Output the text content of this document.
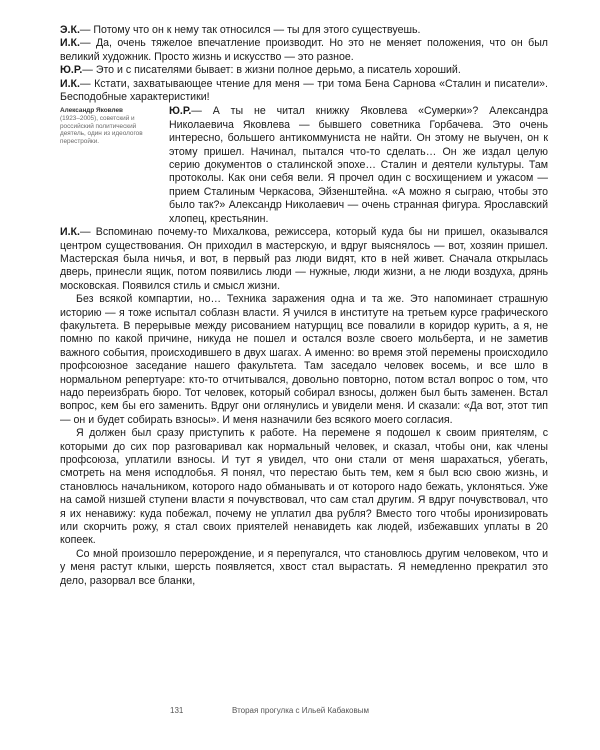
Э.К.— Потому что он к нему так относился — ты для этого существуешь.

И.К.— Да, очень тяжелое впечатление производит. Но это не меняет положения, что он был великий художник. Просто жизнь и искусство — это разное.

Ю.Р.— Это и с писателями бывает: в жизни полное дерьмо, а писатель хороший.

И.К.— Кстати, захватывающее чтение для меня — три тома Бена Сарнова «Сталин и писатели». Бесподобные характеристики!

Александр Яковлев
(1923–2005), советский и российский политический деятель, один из идеологов перестройки.

Ю.Р.— А ты не читал книжку Яковлева «Сумерки»? Александра Николаевича Яковлева — бывшего советника Горбачева. Это очень интересно, большего антикоммуниста не найти. Он этому не выучен, он к этому пришел. Начинал, пытался что-то сделать… Он же издал целую серию документов о сталинской эпохе… Сталин и деятели культуры. Там протоколы. Как они себя вели. Я прочел один с восхищением и ужасом — прием Сталиным Черкасова, Эйзенштейна. «А можно я сыграю, чтобы это было так?» Александр Николаевич — очень странная фигура. Ярославский хлопец, крестьянин.

И.К.— Вспоминаю почему-то Михалкова, режиссера, который куда бы ни пришел, оказывался центром существования. Он приходил в мастерскую, и вдруг выяснялось — вот, хозяин пришел. Мастерская была ничья, и вот, в первый раз люди видят, кто в ней живет. Сначала открылась дверь, принесли ящик, потом появились люди — нужные, люди жизни, а не люди воздуха, дрянь московская. Появился стиль и смысл жизни.

Без всякой компартии, но… Техника заражения одна и та же. Это напоминает страшную историю — я тоже испытал соблазн власти. Я учился в институте на третьем курсе графического факультета. В перерывые между рисованием натурщиц все повалили в коридор курить, а я, не помню по какой причине, никуда не пошел и остался возле своего мольберта, и не заметив важного события, происходившего в двух шагах. А именно: во время этой перемены происходило профсоюзное заседание нашего факультета. Там заседало человек восемь, и все шло в нормальном репертуаре: кто-то отчитывался, довольно повторно, потом встал вопрос о том, что надо переизбрать бюро. Тот человек, который собирал взносы, должен был быть заменен. Встал вопрос, кем бы его заменить. Вдруг они оглянулись и увидели меня. И сказали: «Да вот, этот тип — он и будет собирать взносы». И меня назначили без всякого моего согласия.

Я должен был сразу приступить к работе. На перемене я подошел к своим приятелям, с которыми до сих пор разговаривал как нормальный человек, и сказал, чтобы они, как члены профсоюза, уплатили взносы. И тут я увидел, что они стали от меня шарахаться, убегать, смотреть на меня исподлобья. Я понял, что перестаю быть тем, кем я был всю свою жизнь, и становлюсь начальником, которого надо обманывать и от которого надо бежать, уклоняться. Уже на самой низшей ступени власти я почувствовал, что сам стал другим. Я вдруг почувствовал, что я их ненавижу: куда побежал, почему не уплатил два рубля? Вместо того чтобы иронизировать или скорчить рожу, я стал своих приятелей ненавидеть как людей, избежавших уплаты в 20 копеек.

Со мной произошло перерождение, и я перепугался, что становлюсь другим человеком, что и у меня растут клыки, шерсть появляется, хвост стал вырастать. Я немедленно прекратил это дело, разорвал все бланки,

131	Вторая прогулка с Ильей Кабаковым
